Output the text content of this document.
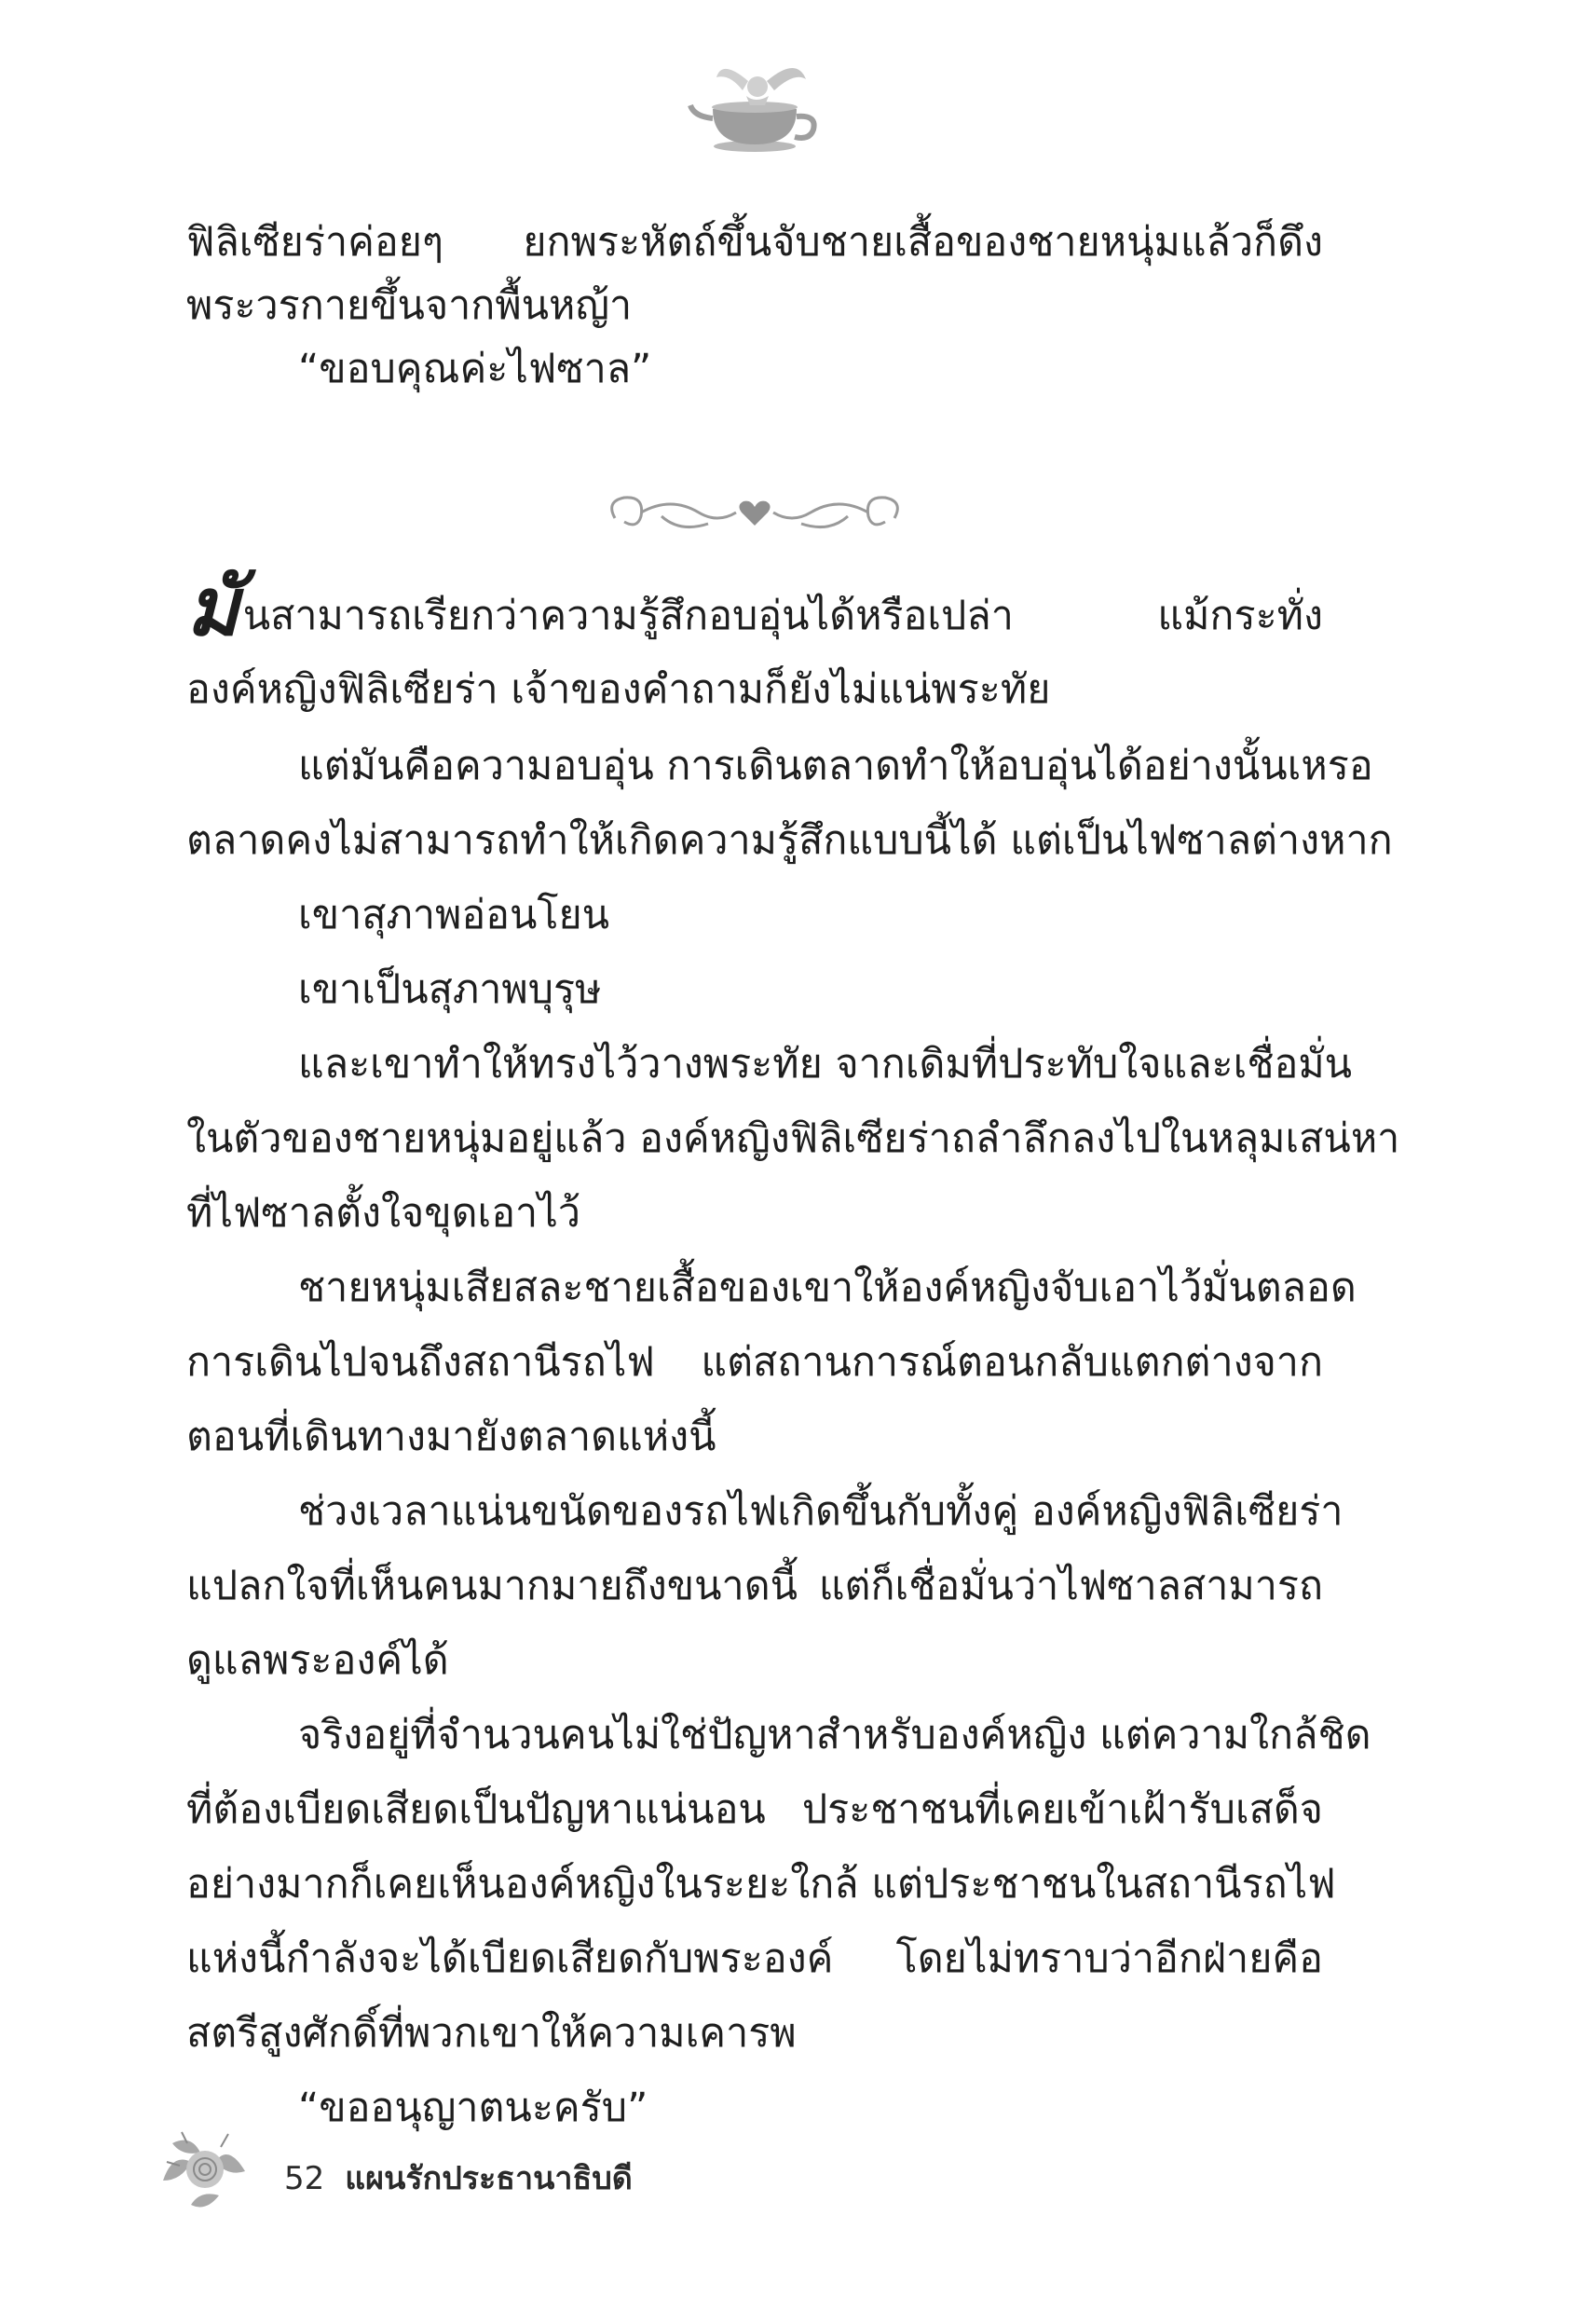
ฟิลิเซียร่าค่อยๆ ยกพระหัตถ์ขึ้นจับชายเสื้อของชายหนุ่มแล้วก็ดึง
พระวรกายขึ้นจากพื้นหญ้า
“ขอบคุณค่ะไฟซาล”
มันสามารถเรียกว่าความรู้สึกอบอุ่นได้หรือเปล่า แม้กระทั่ง
องค์หญิงฟิลิเซียร่า เจ้าของคำถามก็ยังไม่แน่พระทัย
แต่มันคือความอบอุ่น การเดินตลาดทำให้อบอุ่นได้อย่างนั้นเหรอ
ตลาดคงไม่สามารถทำให้เกิดความรู้สึกแบบนี้ได้ แต่เป็นไฟซาลต่างหาก
เขาสุภาพอ่อนโยน
เขาเป็นสุภาพบุรุษ
และเขาทำให้ทรงไว้วางพระทัย จากเดิมที่ประทับใจและเชื่อมั่น
ในตัวของชายหนุ่มอยู่แล้ว องค์หญิงฟิลิเซียร่าถลำลึกลงไปในหลุมเสน่หา
ที่ไฟซาลตั้งใจขุดเอาไว้
ชายหนุ่มเสียสละชายเสื้อของเขาให้องค์หญิงจับเอาไว้มั่นตลอด
การเดินไปจนถึงสถานีรถไฟ แต่สถานการณ์ตอนกลับแตกต่างจาก
ตอนที่เดินทางมายังตลาดแห่งนี้
ช่วงเวลาแน่นขนัดของรถไฟเกิดขึ้นกับทั้งคู่ องค์หญิงฟิลิเซียร่า
แปลกใจที่เห็นคนมากมายถึงขนาดนี้ แต่ก็เชื่อมั่นว่าไฟซาลสามารถ
ดูแลพระองค์ได้
จริงอยู่ที่จำนวนคนไม่ใช่ปัญหาสำหรับองค์หญิง แต่ความใกล้ชิด
ที่ต้องเบียดเสียดเป็นปัญหาแน่นอน ประชาชนที่เคยเข้าเฝ้ารับเสด็จ
อย่างมากก็เคยเห็นองค์หญิงในระยะใกล้ แต่ประชาชนในสถานีรถไฟ
แห่งนี้กำลังจะได้เบียดเสียดกับพระองค์ โดยไม่ทราบว่าอีกฝ่ายคือ
สตรีสูงศักดิ์ที่พวกเขาให้ความเคารพ
“ขออนุญาตนะครับ”
52 แผนรักประธานาธิบดี
